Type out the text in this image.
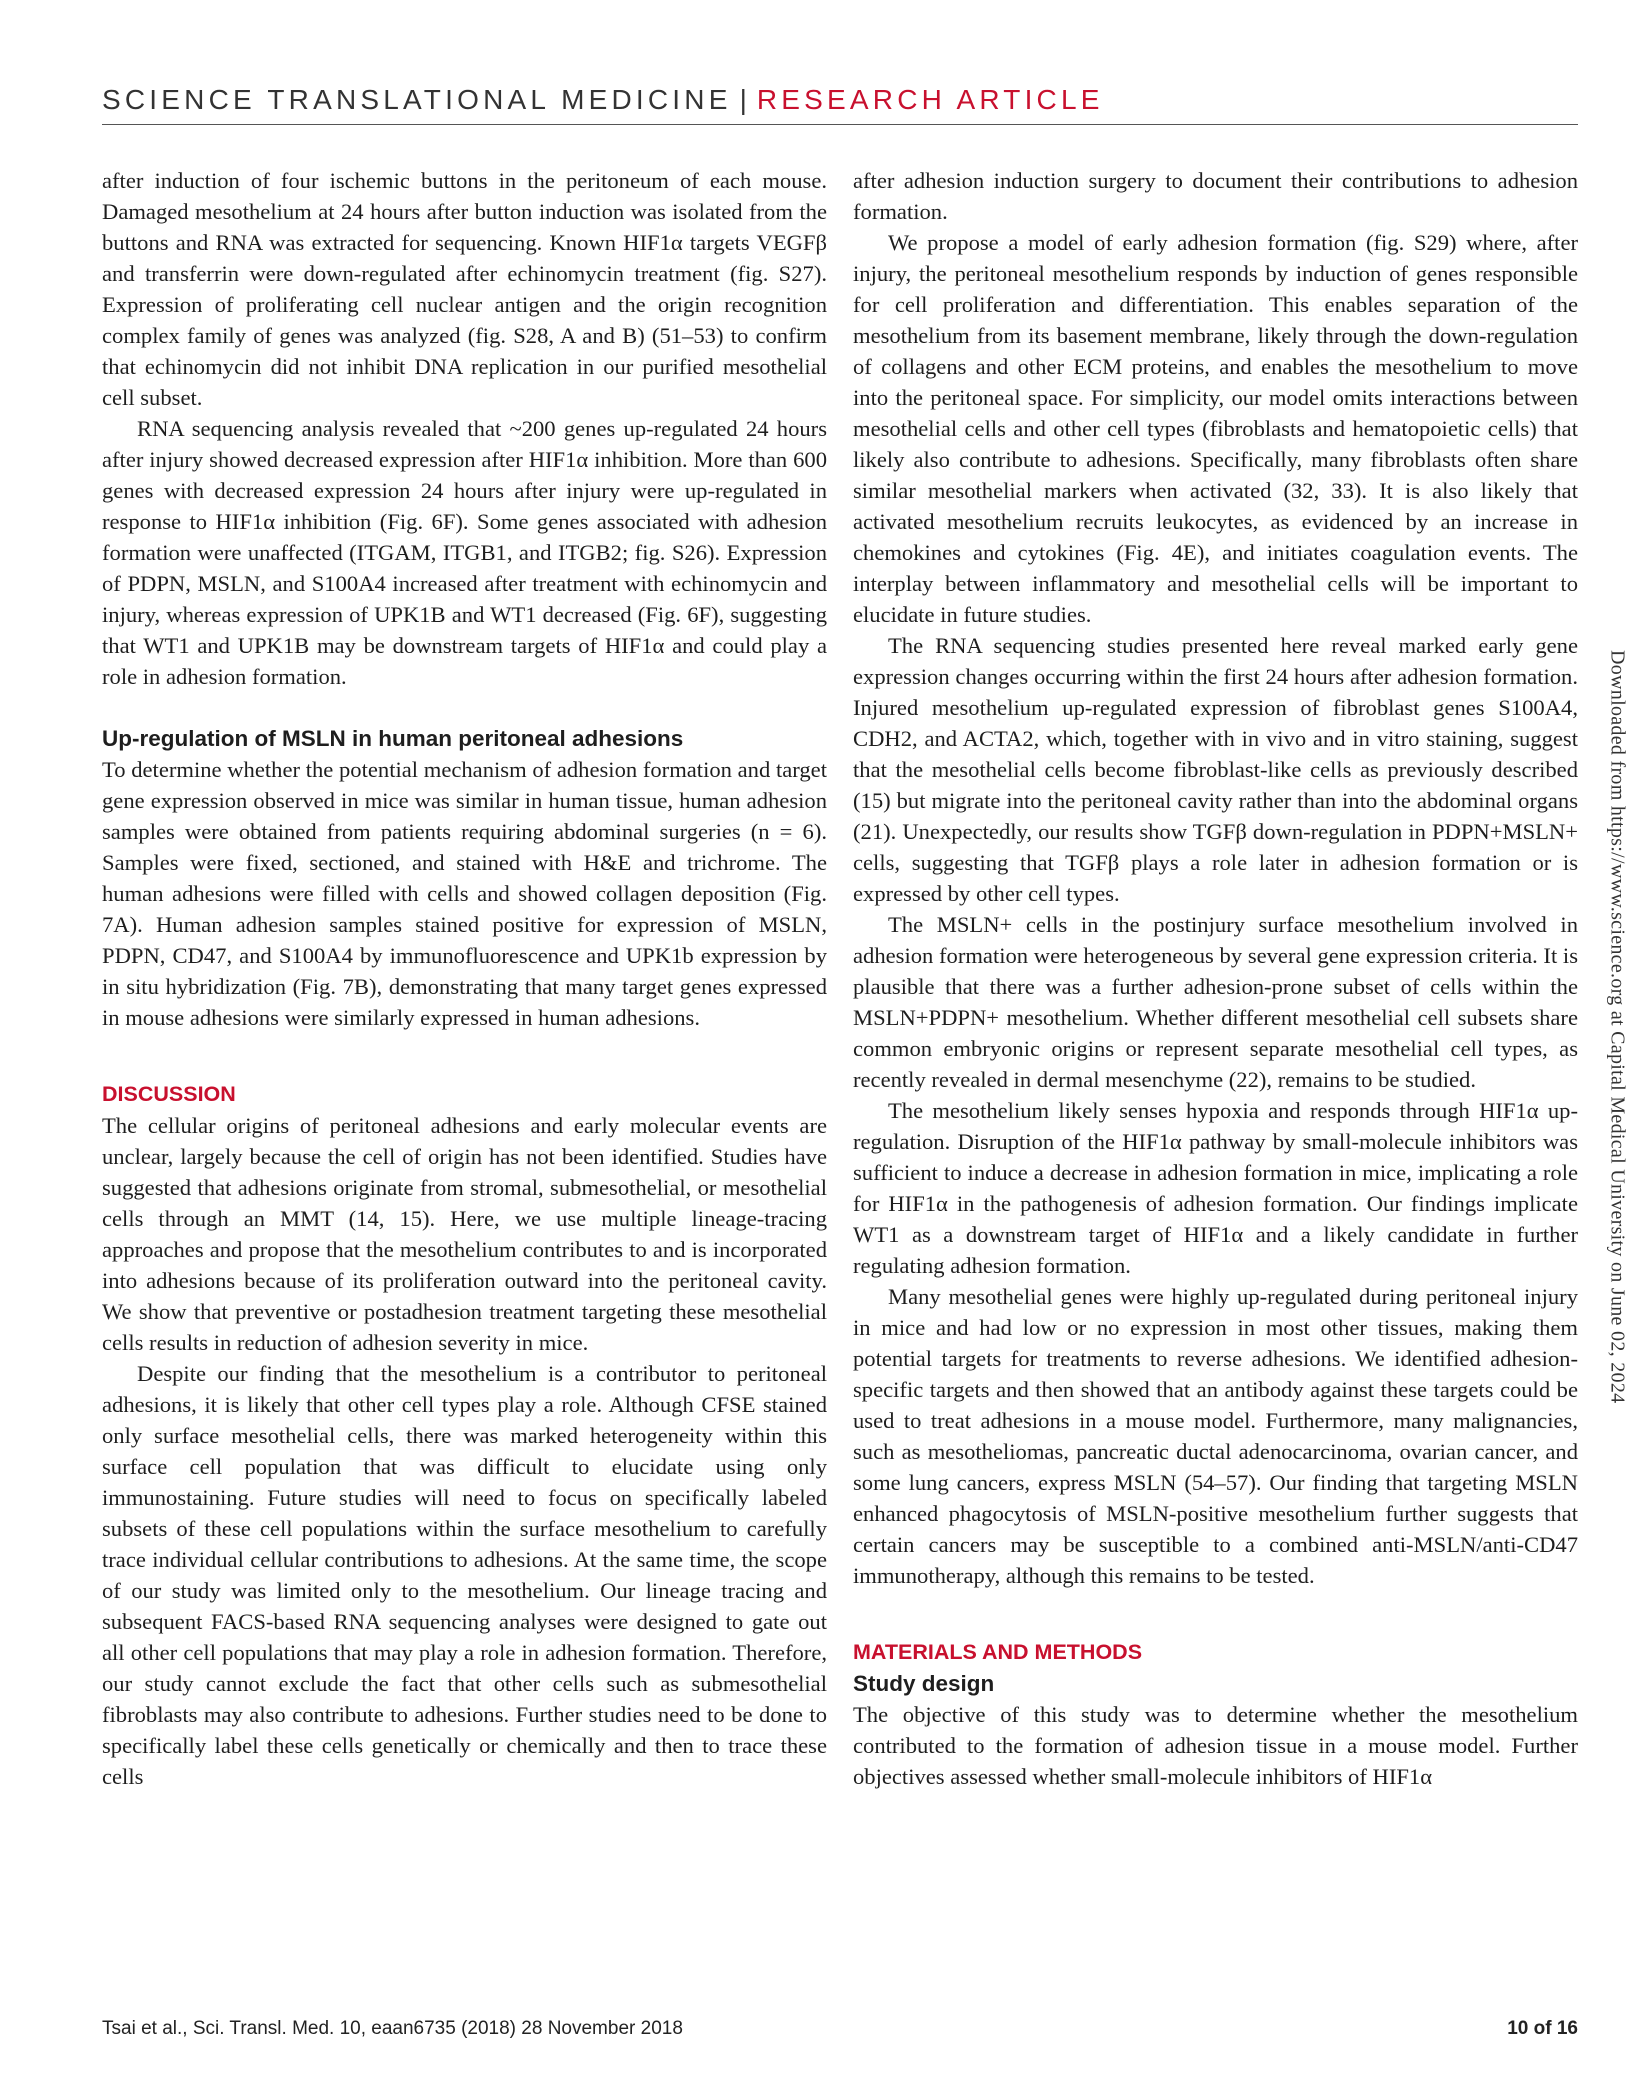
SCIENCE TRANSLATIONAL MEDICINE | RESEARCH ARTICLE

after induction of four ischemic buttons in the peritoneum of each mouse. Damaged mesothelium at 24 hours after button induction was isolated from the buttons and RNA was extracted for sequencing. Known HIF1α targets VEGFβ and transferrin were down-regulated after echinomycin treatment (fig. S27). Expression of proliferating cell nuclear antigen and the origin recognition complex family of genes was analyzed (fig. S28, A and B) (51–53) to confirm that echinomycin did not inhibit DNA replication in our purified mesothelial cell subset.

RNA sequencing analysis revealed that ~200 genes up-regulated 24 hours after injury showed decreased expression after HIF1α inhibition. More than 600 genes with decreased expression 24 hours after injury were up-regulated in response to HIF1α inhibition (Fig. 6F). Some genes associated with adhesion formation were unaffected (ITGAM, ITGB1, and ITGB2; fig. S26). Expression of PDPN, MSLN, and S100A4 increased after treatment with echinomycin and injury, whereas expression of UPK1B and WT1 decreased (Fig. 6F), suggesting that WT1 and UPK1B may be downstream targets of HIF1α and could play a role in adhesion formation.

Up-regulation of MSLN in human peritoneal adhesions

To determine whether the potential mechanism of adhesion formation and target gene expression observed in mice was similar in human tissue, human adhesion samples were obtained from patients requiring abdominal surgeries (n = 6). Samples were fixed, sectioned, and stained with H&E and trichrome. The human adhesions were filled with cells and showed collagen deposition (Fig. 7A). Human adhesion samples stained positive for expression of MSLN, PDPN, CD47, and S100A4 by immunofluorescence and UPK1b expression by in situ hybridization (Fig. 7B), demonstrating that many target genes expressed in mouse adhesions were similarly expressed in human adhesions.

DISCUSSION

The cellular origins of peritoneal adhesions and early molecular events are unclear, largely because the cell of origin has not been identified. Studies have suggested that adhesions originate from stromal, submesothelial, or mesothelial cells through an MMT (14, 15). Here, we use multiple lineage-tracing approaches and propose that the mesothelium contributes to and is incorporated into adhesions because of its proliferation outward into the peritoneal cavity. We show that preventive or postadhesion treatment targeting these mesothelial cells results in reduction of adhesion severity in mice.

Despite our finding that the mesothelium is a contributor to peritoneal adhesions, it is likely that other cell types play a role. Although CFSE stained only surface mesothelial cells, there was marked heterogeneity within this surface cell population that was difficult to elucidate using only immunostaining. Future studies will need to focus on specifically labeled subsets of these cell populations within the surface mesothelium to carefully trace individual cellular contributions to adhesions. At the same time, the scope of our study was limited only to the mesothelium. Our lineage tracing and subsequent FACS-based RNA sequencing analyses were designed to gate out all other cell populations that may play a role in adhesion formation. Therefore, our study cannot exclude the fact that other cells such as submesothelial fibroblasts may also contribute to adhesions. Further studies need to be done to specifically label these cells genetically or chemically and then to trace these cells

after adhesion induction surgery to document their contributions to adhesion formation.

We propose a model of early adhesion formation (fig. S29) where, after injury, the peritoneal mesothelium responds by induction of genes responsible for cell proliferation and differentiation. This enables separation of the mesothelium from its basement membrane, likely through the down-regulation of collagens and other ECM proteins, and enables the mesothelium to move into the peritoneal space. For simplicity, our model omits interactions between mesothelial cells and other cell types (fibroblasts and hematopoietic cells) that likely also contribute to adhesions. Specifically, many fibroblasts often share similar mesothelial markers when activated (32, 33). It is also likely that activated mesothelium recruits leukocytes, as evidenced by an increase in chemokines and cytokines (Fig. 4E), and initiates coagulation events. The interplay between inflammatory and mesothelial cells will be important to elucidate in future studies.

The RNA sequencing studies presented here reveal marked early gene expression changes occurring within the first 24 hours after adhesion formation. Injured mesothelium up-regulated expression of fibroblast genes S100A4, CDH2, and ACTA2, which, together with in vivo and in vitro staining, suggest that the mesothelial cells become fibroblast-like cells as previously described (15) but migrate into the peritoneal cavity rather than into the abdominal organs (21). Unexpectedly, our results show TGFβ down-regulation in PDPN+MSLN+ cells, suggesting that TGFβ plays a role later in adhesion formation or is expressed by other cell types.

The MSLN+ cells in the postinjury surface mesothelium involved in adhesion formation were heterogeneous by several gene expression criteria. It is plausible that there was a further adhesion-prone subset of cells within the MSLN+PDPN+ mesothelium. Whether different mesothelial cell subsets share common embryonic origins or represent separate mesothelial cell types, as recently revealed in dermal mesenchyme (22), remains to be studied.

The mesothelium likely senses hypoxia and responds through HIF1α up-regulation. Disruption of the HIF1α pathway by small-molecule inhibitors was sufficient to induce a decrease in adhesion formation in mice, implicating a role for HIF1α in the pathogenesis of adhesion formation. Our findings implicate WT1 as a downstream target of HIF1α and a likely candidate in further regulating adhesion formation.

Many mesothelial genes were highly up-regulated during peritoneal injury in mice and had low or no expression in most other tissues, making them potential targets for treatments to reverse adhesions. We identified adhesion-specific targets and then showed that an antibody against these targets could be used to treat adhesions in a mouse model. Furthermore, many malignancies, such as mesotheliomas, pancreatic ductal adenocarcinoma, ovarian cancer, and some lung cancers, express MSLN (54–57). Our finding that targeting MSLN enhanced phagocytosis of MSLN-positive mesothelium further suggests that certain cancers may be susceptible to a combined anti-MSLN/anti-CD47 immunotherapy, although this remains to be tested.

MATERIALS AND METHODS
Study design

The objective of this study was to determine whether the mesothelium contributed to the formation of adhesion tissue in a mouse model. Further objectives assessed whether small-molecule inhibitors of HIF1α

Downloaded from https://www.science.org at Capital Medical University on June 02, 2024
Tsai et al., Sci. Transl. Med. 10, eaan6735 (2018) 28 November 2018	10 of 16
